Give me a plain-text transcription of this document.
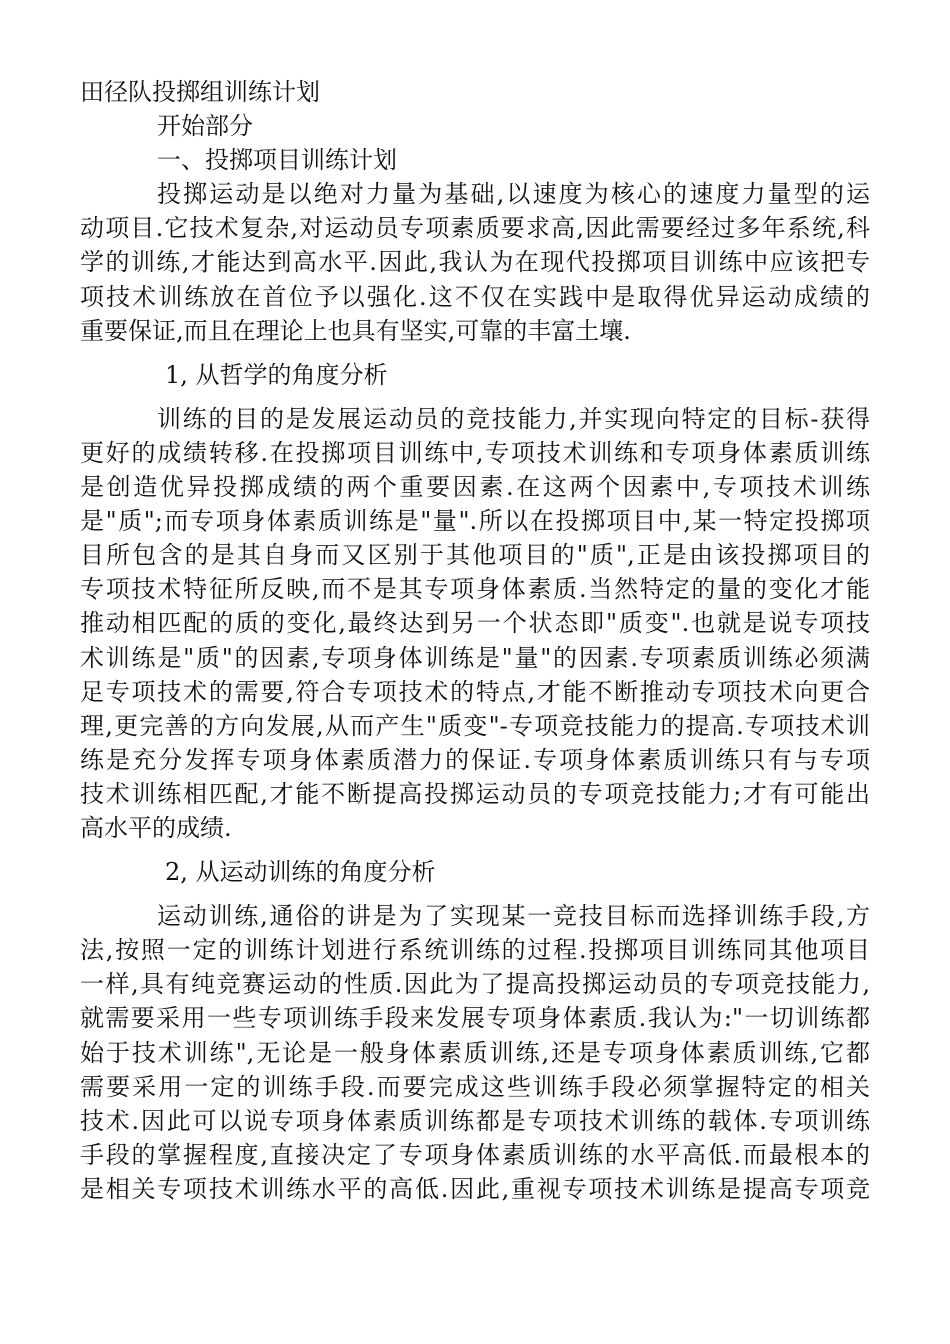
田径队投掷组训练计划
开始部分
一、投掷项目训练计划
投掷运动是以绝对力量为基础,以速度为核心的速度力量型的运
动项目.它技术复杂,对运动员专项素质要求高,因此需要经过多年系统,科
学的训练,才能达到高水平.因此,我认为在现代投掷项目训练中应该把专
项技术训练放在首位予以强化.这不仅在实践中是取得优异运动成绩的
重要保证,而且在理论上也具有坚实,可靠的丰富土壤.
1, 从哲学的角度分析
训练的目的是发展运动员的竞技能力,并实现向特定的目标-获得
更好的成绩转移.在投掷项目训练中,专项技术训练和专项身体素质训练
是创造优异投掷成绩的两个重要因素.在这两个因素中,专项技术训练
是"质";而专项身体素质训练是"量".所以在投掷项目中,某一特定投掷项
目所包含的是其自身而又区别于其他项目的"质",正是由该投掷项目的
专项技术特征所反映,而不是其专项身体素质.当然特定的量的变化才能
推动相匹配的质的变化,最终达到另一个状态即"质变".也就是说专项技
术训练是"质"的因素,专项身体训练是"量"的因素.专项素质训练必须满
足专项技术的需要,符合专项技术的特点,才能不断推动专项技术向更合
理,更完善的方向发展,从而产生"质变"-专项竞技能力的提高.专项技术训
练是充分发挥专项身体素质潜力的保证.专项身体素质训练只有与专项
技术训练相匹配,才能不断提高投掷运动员的专项竞技能力;才有可能出
高水平的成绩.
2, 从运动训练的角度分析
运动训练,通俗的讲是为了实现某一竞技目标而选择训练手段,方
法,按照一定的训练计划进行系统训练的过程.投掷项目训练同其他项目
一样,具有纯竞赛运动的性质.因此为了提高投掷运动员的专项竞技能力,
就需要采用一些专项训练手段来发展专项身体素质.我认为:"一切训练都
始于技术训练",无论是一般身体素质训练,还是专项身体素质训练,它都
需要采用一定的训练手段.而要完成这些训练手段必须掌握特定的相关
技术.因此可以说专项身体素质训练都是专项技术训练的载体.专项训练
手段的掌握程度,直接决定了专项身体素质训练的水平高低.而最根本的
是相关专项技术训练水平的高低.因此,重视专项技术训练是提高专项竞
